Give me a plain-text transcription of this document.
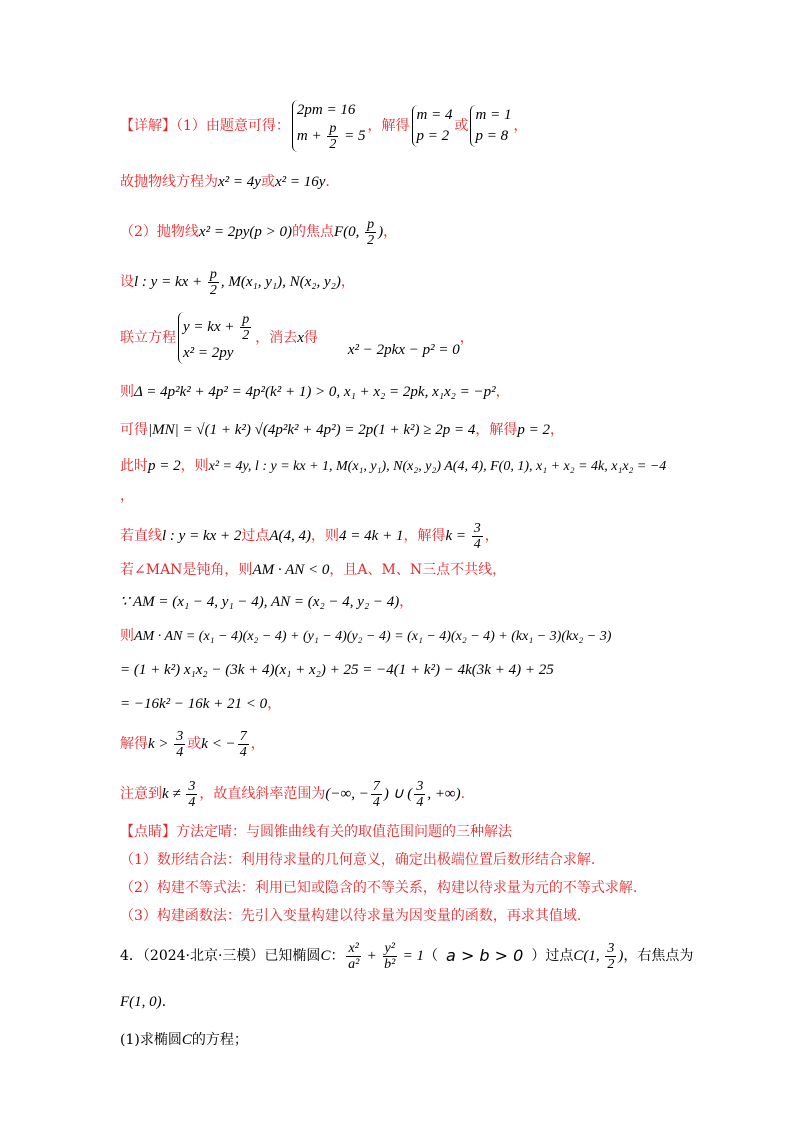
【详解】（1）由题意可得：
2pm = 16
$m + \frac{p}{2} = 5$
，解得
m = 4
p = 2
或
m = 1
p = 8
，
故抛物线方程为x² = 4y或x² = 16y.
（2）抛物线 x² = 2py(p > 0) 的焦点 F(0, $\frac{p}{2}$ ) ，
设 l : y = kx + $\frac{p}{2}$ , M(x₁, y₁), N(x₂, y₂) ，
联立方程
y = kx + $\frac{p}{2}$
x² = 2py
，消去 x 得
x² − 2pkx − p² = 0
，
则Δ = 4p²k² + 4p² = 4p²(k² + 1) > 0, x₁ + x₂ = 2pk, x₁x₂ = −p²，
可得|MN| = √(1 + k²) √(4p²k² + 4p²) = 2p(1 + k²) ≥ 2p = 4，解得p = 2，
此时p = 2，则x² = 4y, l : y = kx + 1, M(x₁, y₁), N(x₂, y₂) A(4, 4), F(0, 1), x₁ + x₂ = 4k, x₁x₂ = −4
，
若直线 l : y = kx + 2 过点 A(4, 4) ，则 4 = 4k + 1 ，解得 $k = \frac{3}{4}$ ，
若∠MAN是钝角，则AM · AN < 0，且A、M、N三点不共线，
∵ AM = (x₁ − 4, y₁ − 4), AN = (x₂ − 4, y₂ − 4)，
则AM · AN = (x₁ − 4)(x₂ − 4) + (y₁ − 4)(y₂ − 4) = (x₁ − 4)(x₂ − 4) + (kx₁ − 3)(kx₂ − 3)
= (1 + k²) x₁x₂ − (3k + 4)(x₁ + x₂) + 25 = −4(1 + k²) − 4k(3k + 4) + 25
= −16k² − 16k + 21 < 0，
解得 $k > \frac{3}{4}$ 或 k < − $\frac{7}{4}$ ，
注意到 $k \ne \frac{3}{4}$ ，故直线斜率范围为 (−∞, − $\frac{7}{4}$ ) ∪ ( $\frac{3}{4}$ , +∞) .
【点睛】方法定晴：与圆锥曲线有关的取值范围问题的三种解法
（1）数形结合法：利用待求量的几何意义，确定出极端位置后数形结合求解.
（2）构建不等式法：利用已知或隐含的不等关系，构建以待求量为元的不等式求解.
（3）构建函数法：先引入变量构建以待求量为因变量的函数，再求其值域.
4．（2024·北京·三模）已知椭圆 C ： $\frac{\text{x²}}{\text{a²}} + \frac{\text{y²}}{\text{b²}} = 1$ （ a > b > 0 ）过点 C(1, $\frac{3}{2}$ ) ，右焦点为
F(1, 0).
(1)求椭圆C的方程；
